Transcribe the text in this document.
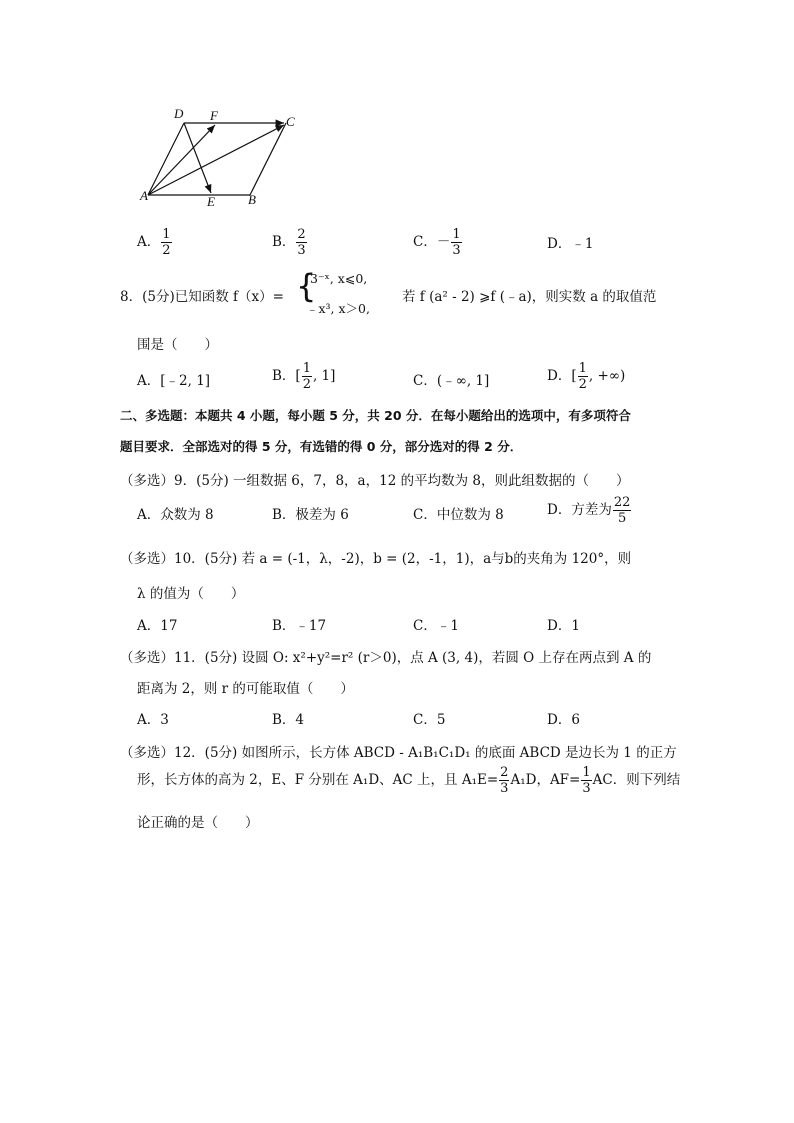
D F	C
A	E	B
A． $\frac{1}{2}$	B． $\frac{2}{3}$	C．－ $\frac{1}{3}$	D．﹣1
8．(5分)已知函数 f（x）= {
3⁻ˣ, x⩽0,
﹣x³, x＞0,
若 f (a² - 2) ⩾f (﹣a)，则实数 a 的取值范
围是（　　）
A．[﹣2, 1]	B．[ $\frac{1}{2}$ , 1]	C．(﹣∞, 1]	D．[ $\frac{1}{2}$ , +∞)
二、多选题：本题共 4 小题，每小题 5 分，共 20 分．在每小题给出的选项中，有多项符合
题目要求．全部选对的得 5 分，有选错的得 0 分，部分选对的得 2 分．
（多选）9．(5分) 一组数据 6，7，8，a，12 的平均数为 8，则此组数据的（　　）
A．众数为 8	B．极差为 6	C．中位数为 8	D．方差为 $\frac{22}{5}$
（多选）10．(5分) 若 a = (-1，λ，-2)，b = (2，-1，1)，a与b的夹角为 120°，则
λ 的值为（　　）
A．17	B．﹣17	C．﹣1	D．1
（多选）11．(5分) 设圆 O: x²+y²=r² (r＞0)，点 A (3, 4)，若圆 O 上存在两点到 A 的
距离为 2，则 r 的可能取值（　　）
A．3	B．4	C．5	D．6
（多选）12．(5分) 如图所示，长方体 ABCD - A₁B₁C₁D₁ 的底面 ABCD 是边长为 1 的正方
形，长方体的高为 2，E、F 分别在 A₁D、AC 上，且 $A_1E= \frac{2}{3} A_1D$，$AF= \frac{1}{3}$ AC．则下列结
论正确的是（　　）
